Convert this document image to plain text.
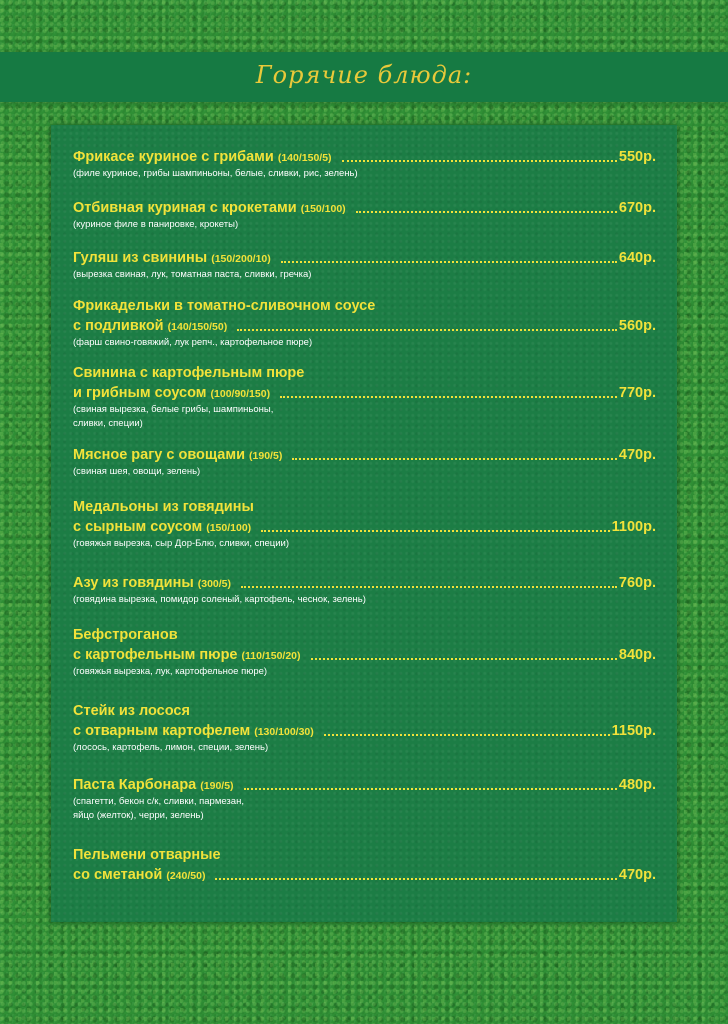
Горячие блюда:
Фрикасе куриное с грибами (140/150/5)	550р.
(филе куриное, грибы шампиньоны, белые, сливки, рис, зелень)
Отбивная куриная с крокетами (150/100)	670р.
(куриное филе в панировке, крокеты)
Гуляш из свинины (150/200/10)	640р.
(вырезка свиная, лук, томатная паста, сливки, гречка)
Фрикадельки в томатно-сливочном соусе
с подливкой (140/150/50)	560р.
(фарш свино-говяжий, лук репч., картофельное пюре)
Свинина с картофельным пюре
и грибным соусом (100/90/150)	770р.
(свиная вырезка, белые грибы, шампиньоны,
сливки, специи)
Мясное рагу с овощами (190/5)	470р.
(свиная шея, овощи, зелень)
Медальоны из говядины
с сырным соусом (150/100)	1100р.
(говяжья вырезка, сыр Дор-Блю, сливки, специи)
Азу из говядины (300/5)	760р.
(говядина вырезка, помидор соленый, картофель, чеснок, зелень)
Бефстроганов
с картофельным пюре (110/150/20)	840р.
(говяжья вырезка, лук, картофельное пюре)
Стейк из лосося
с отварным картофелем (130/100/30)	1150р.
(лосось, картофель, лимон, специи, зелень)
Паста Карбонара (190/5)	480р.
(спагетти, бекон с/к, сливки, пармезан,
яйцо (желток), черри, зелень)
Пельмени отварные
со сметаной (240/50)	470р.
